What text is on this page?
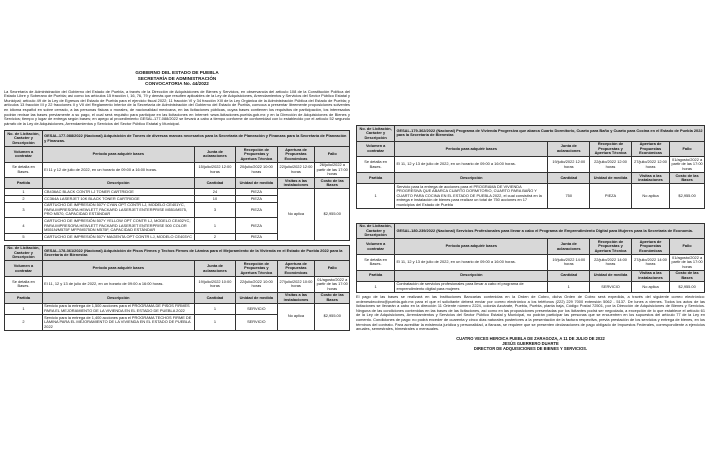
GOBIERNO DEL ESTADO DE PUEBLA
SECRETARÍA DE ADMINISTRACIÓN
CONVOCATORIA No. 44/2022
La Secretaría de Administración del Gobierno del Estado de Puebla, a través de la Dirección de Adquisiciones de Bienes y Servicios, en observancia del artículo 108 de la Constitución Política del Estado Libre y Soberano de Puebla; así como los artículos 15 fracción I, 16, 76, 79 y demás que resulten aplicables de la Ley de Adquisiciones, Arrendamientos y Servicios del Sector Público Estatal y Municipal; artículo 49 de la Ley de Egresos del Estado de Puebla para el ejercicio fiscal 2022; 11 fracción VI y 34 fracción XIII de la Ley Orgánica de la Administración Pública del Estado de Puebla; y artículos 13 fracción III y 22 fracciones II y VII del Reglamento Interior de la Secretaría de Administración del Gobierno del Estado de Puebla, convoca a presentar libremente proposiciones solventes en idioma español en sobre cerrado, a las personas físicas o morales, de nacionalidad mexicana, en las licitaciones públicas, cuyas bases contienen los requisitos de participación, los interesados podrán revisar las bases previamente a su pago, el cual será requisito para participar en las licitaciones en Internet: www.licitaciones.puebla.gob.mx y en la Dirección de Adquisiciones de Bienes y Servicios; tiempo y lugar de entrega según bases; en apego al procedimiento GESAL-177-088/2022 se llevará a cabo a tiempo conforme de conformidad con lo establecido por el artículo 52 segundo párrafo de la Ley de Adquisiciones, Arrendamientos y Servicios del Sector Público Estatal y Municipal.
No. de Licitación, Carácter y Descripción	GESAL-177-088/2022 (Nacional) Adquisición de Toners de diversas marcas necesarios para la Secretaría de Planeación y Finanzas para la Secretaría de Planeación y Finanzas.				
Volumen a contratar	Periodo para adquirir bases	Junta de aclaraciones	Recepción de Propuestas y Apertura Técnica	Apertura de Propuestas Económicas	Fallo
Se detalla en Bases.	El 11 y 12 de julio de 2022, en un horario de 09:00 a 16:00 horas.	15/julio/2022 12:00 horas	20/julio/2022 10:00 horas	22/julio/2022 12:00 horas	26/julio/2022 a partir de las 17:00 horas
Partida	Descripción	Cantidad	Unidad de medida	Visitas a las instalaciones	Costo de las Bases
1	CB436AC BLACK CONTR LJ TONER CARTRIDGE	24	PIEZA	No aplica	$2,955.00
2	CC364A LASERJET 10K BLACK TONER CARTRIDGE	10	PIEZA		
3	CARTUCHO DE IMPRESIÓN 507Y CYAN OPT CONTR LJ, MODELO CE401YC, PARA IMPRESORA HEWLETT PACKARD LASERJET ENTERPRISE M551/M575, PRO M570, CAPACIDAD ESTÁNDAR	3	PIEZA		
4	CARTUCHO DE IMPRESIÓN 507Y YELLOW OPT CONTR LJ, MODELO CE402YC, PARA IMPRESORA HEWLETT PACKARD LASERJET ENTERPRISE 500 COLOR M551N/M575F MFP/M575DN M575F, CAPACIDAD ESTÁNDAR	1	PIEZA		
5	CARTUCHO DE IMPRESIÓN 507Y MAGENTA OPT CONTR LJ, MODELO CE403YC	2	PIEZA		
No. de Licitación, Carácter y Descripción	GESAL-178-361/2022 (Nacional) Adquisición de Pisos Firmes y Techos Firmes de Lámina para el Mejoramiento de la Vivienda en el Estado de Puebla 2022 para la Secretaría de Bienestar.				
Volumen a contratar	Periodo para adquirir bases	Junta de aclaraciones	Recepción de Propuestas y Apertura Técnica	Apertura de Propuestas Económicas	Fallo
Se detalla en Bases.	El 11, 12 y 13 de julio de 2022, en un horario de 09:00 a 16:00 horas.	19/julio/2022 10:00 horas	22/julio/2022 10:00 horas	27/julio/2022 10:00 horas	01/agosto/2022 a partir de las 17:00 horas
Partida	Descripción	Cantidad	Unidad de medida	Visitas a las instalaciones	Costo de las Bases
1	Servicio para la entrega de 1,500 acciones para el PROGRAMA DE PISOS FIRMES PARA EL MEJORAMIENTO DE LA VIVIENDA EN EL ESTADO DE PUEBLA 2022	1	SERVICIO	No aplica	$2,955.00
2	Servicio para la entrega de 1,400 acciones para el PROGRAMA TECHOS FIRME DE LÁMINA PARA EL MEJORAMIENTO DE LA VIVIENDA EN EL ESTADO DE PUEBLA 2022	1	SERVICIO		
No. de Licitación, Carácter y Descripción	GESAL-179-362/2022 (Nacional) Programa de Vivienda Progresiva que abarca Cuarto Dormitorio, Cuarto para Baño y Cuarto para Cocina en el Estado de Puebla 2022 para la Secretaría de Bienestar.				
Volumen a contratar	Periodo para adquirir bases	Junta de aclaraciones	Recepción de Propuestas y Apertura Técnica	Apertura de Propuestas Económicas	Fallo
Se detalla en Bases.	El 11, 12 y 13 de julio de 2022, en un horario de 09:00 a 16:00 horas.	19/julio/2022 12:00 horas	22/julio/2022 12:00 horas	27/julio/2022 12:00 horas	01/agosto/2022 a partir de las 17:00 horas
Partida	Descripción	Cantidad	Unidad de medida	Visitas a las instalaciones	Costo de las Bases
1	Servicio para la entrega de acciones para el PROGRAMA DE VIVIENDA PROGRESIVA QUE ABARCA CUARTO DORMITORIO, CUARTO PARA BAÑO Y CUARTO PARA COCINA EN EL ESTADO DE PUEBLA 2022, el cual consistirá en la entrega e instalación de bienes para realizar un total de 750 acciones en 17 municipios del Estado de Puebla	750	PIEZA	No aplica	$2,955.00
No. de Licitación, Carácter y Descripción	GESAL-180-239/2022 (Nacional) Servicios Profesionales para llevar a cabo el Programa de Emprendimiento Digital para Mujeres para la Secretaría de Economía.				
Volumen a contratar	Periodo para adquirir bases	Junta de aclaraciones	Recepción de Propuestas y Apertura Técnica	Apertura de Propuestas Económicas	Fallo
Se detalla en Bases.	El 11, 12 y 13 de julio de 2022, en un horario de 09:00 a 16:00 horas.	19/julio/2022 14:00 horas	22/julio/2022 14:00 horas	27/julio/2022 14:00 horas	01/agosto/2022 a partir de las 17:00 horas
Partida	Descripción	Cantidad	Unidad de medida	Visitas a las instalaciones	Costo de las Bases
1	Contratación de servicios profesionales para llevar a cabo el programa de emprendimiento digital para mujeres	1	SERVICIO	No aplica	$2,955.00
El pago de las bases se realizará en las Instituciones Bancarias contenidas en la Orden de Cobro, dicha Orden de Cobro será expedida, a través del siguiente correo electrónico: ordenesdecobro@puebla.gob.mx para el que el solicitante deberá enviar por correo electrónico a los teléfonos (222) 229 7000 extensión 5062 - 5137. De lunes a viernes. Todos los actos de las licitaciones se llevarán a cabo en la dirección 11 Oriente número 2224, colonia Azcárate, Puebla, Puebla, planta baja, Código Postal 72501, por la Dirección de Adquisiciones de Bienes y Servicios. Ninguna de las condiciones contenidas en las bases de las licitaciones, así como en las proposiciones presentadas por los licitantes podrá ser negociada, a excepción de lo que establece el artículo 61 de la Ley de Adquisiciones, Arrendamientos y Servicios del Sector Público Estatal y Municipal, no podrán participar las personas que se encuentren en los supuestos del artículo 77 de la Ley en comento. Condiciones de pago: no podrá exceder de cuarenta y cinco días naturales posteriores a la presentación de la factura respectiva, previa prestación de los servicios y entrega de bienes, en los términos del contrato. Para acreditar la existencia jurídica y personalidad, a fianzas, se requiere que se presenten declaraciones de pago obligado de Impuestos Federales, correspondiente a ejercicios anuales, semestrales, bimestrales o mensuales.
CUATRO VECES HEROICA PUEBLA DE ZARAGOZA, A 11 DE JULIO DE 2022
JESÚS GUERRERO DUARTE
DIRECTOR DE ADQUISICIONES DE BIENES Y SERVICIOS.
